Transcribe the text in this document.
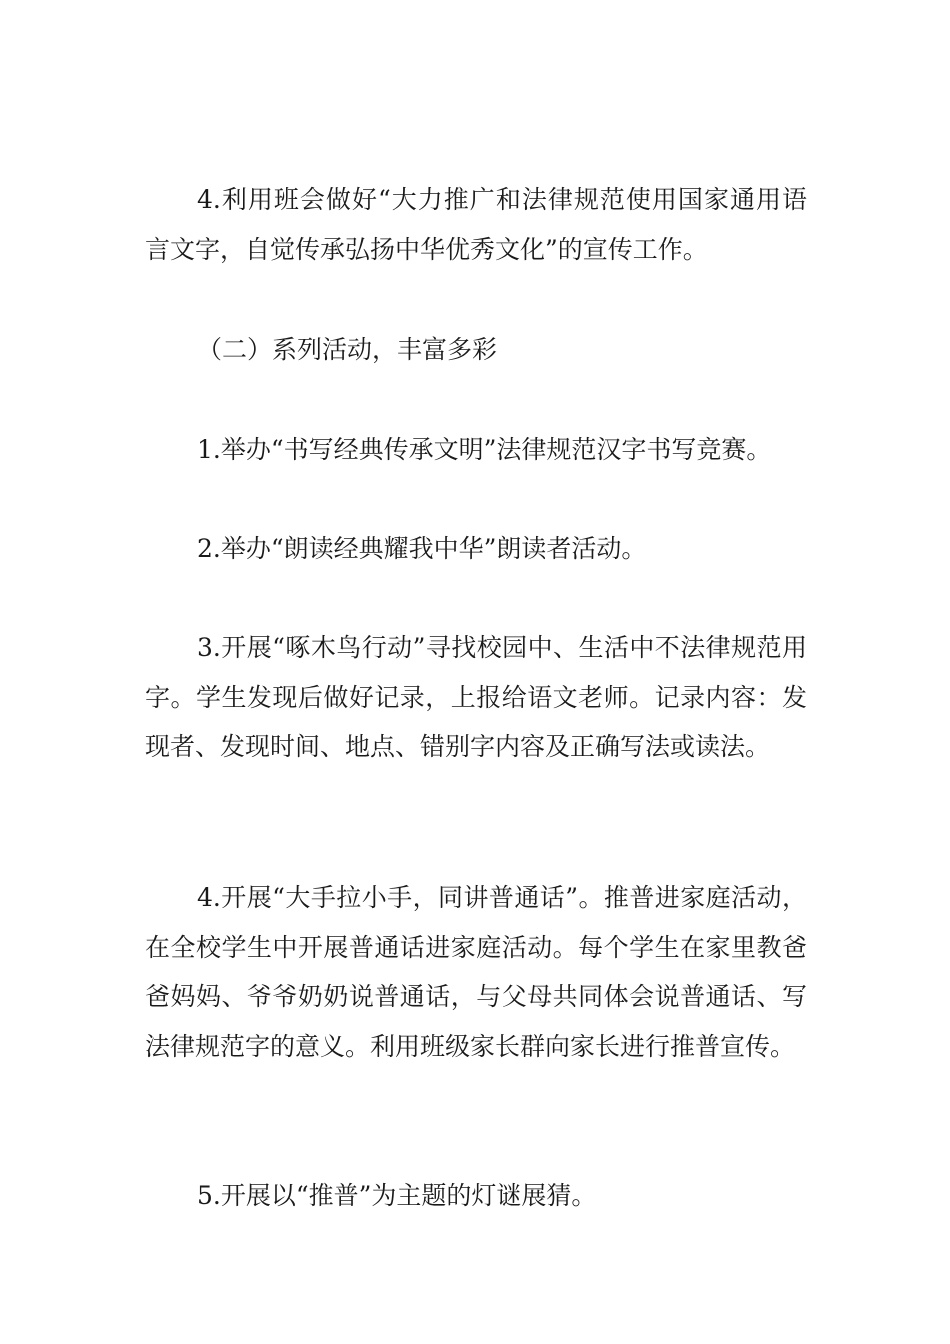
4.利用班会做好“大力推广和法律规范使用国家通用语言文字，自觉传承弘扬中华优秀文化”的宣传工作。

（二）系列活动，丰富多彩

1.举办“书写经典传承文明”法律规范汉字书写竞赛。

2.举办“朗读经典耀我中华”朗读者活动。

3.开展“啄木鸟行动”寻找校园中、生活中不法律规范用字。学生发现后做好记录，上报给语文老师。记录内容：发现者、发现时间、地点、错别字内容及正确写法或读法。

4.开展“大手拉小手，同讲普通话”。推普进家庭活动，在全校学生中开展普通话进家庭活动。每个学生在家里教爸爸妈妈、爷爷奶奶说普通话，与父母共同体会说普通话、写法律规范字的意义。利用班级家长群向家长进行推普宣传。

5.开展以“推普”为主题的灯谜展猜。
